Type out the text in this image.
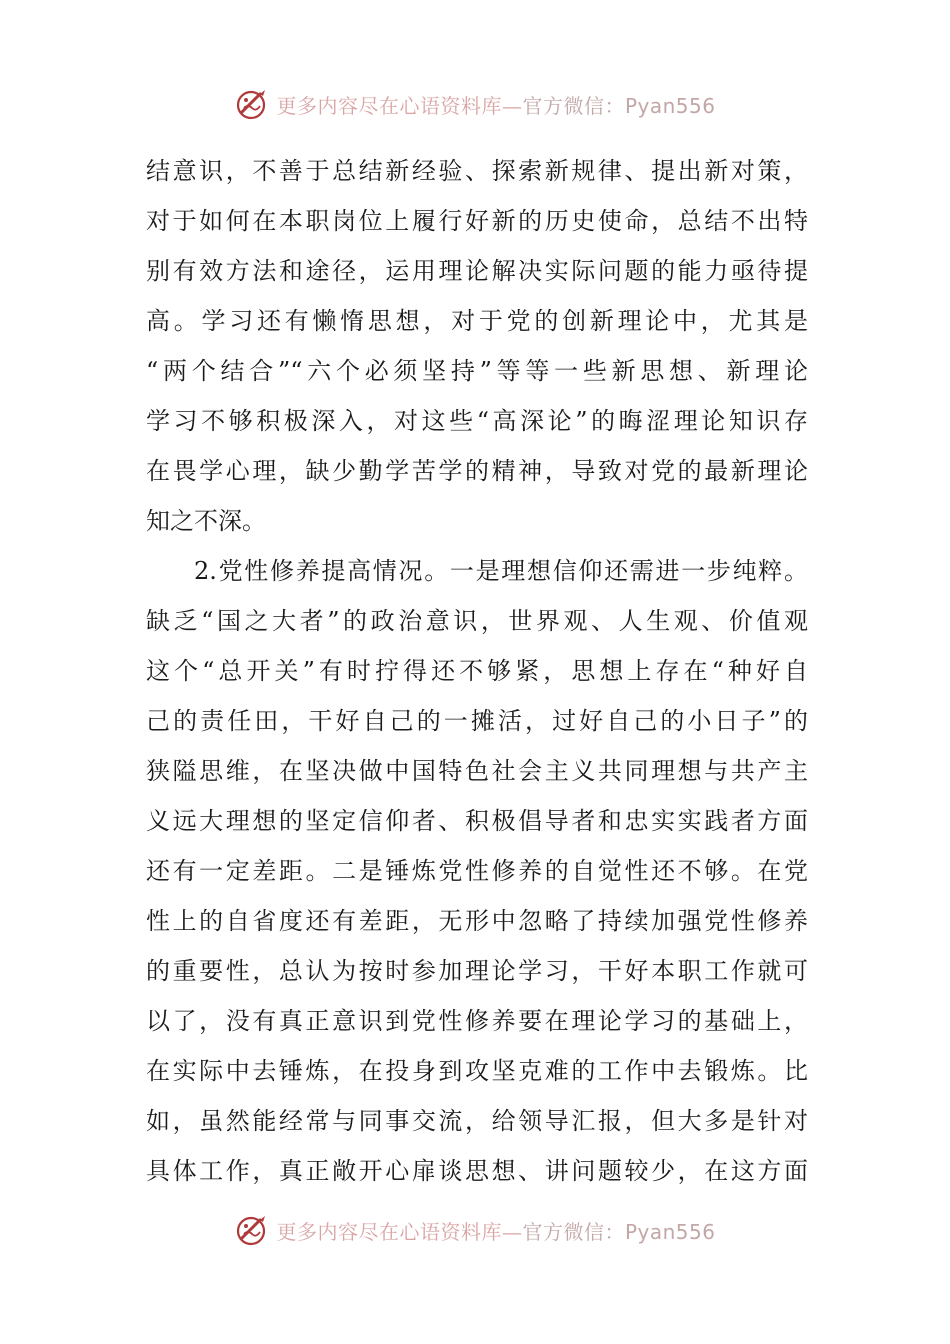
更多内容尽在心语资料库—官方微信：Pyan556
结意识，不善于总结新经验、探索新规律、提出新对策，
对于如何在本职岗位上履行好新的历史使命，总结不出特
别有效方法和途径，运用理论解决实际问题的能力亟待提
高。学习还有懒惰思想，对于党的创新理论中，尤其是
“两个结合”“六个必须坚持”等等一些新思想、新理论
学习不够积极深入，对这些“高深论”的晦涩理论知识存
在畏学心理，缺少勤学苦学的精神，导致对党的最新理论
知之不深。
2.党性修养提高情况。一是理想信仰还需进一步纯粹。
缺乏“国之大者”的政治意识，世界观、人生观、价值观
这个“总开关”有时拧得还不够紧，思想上存在“种好自
己的责任田，干好自己的一摊活，过好自己的小日子”的
狭隘思维，在坚决做中国特色社会主义共同理想与共产主
义远大理想的坚定信仰者、积极倡导者和忠实实践者方面
还有一定差距。二是锤炼党性修养的自觉性还不够。在党
性上的自省度还有差距，无形中忽略了持续加强党性修养
的重要性，总认为按时参加理论学习，干好本职工作就可
以了，没有真正意识到党性修养要在理论学习的基础上，
在实际中去锤炼，在投身到攻坚克难的工作中去锻炼。比
如，虽然能经常与同事交流，给领导汇报，但大多是针对
具体工作，真正敞开心扉谈思想、讲问题较少，在这方面
更多内容尽在心语资料库—官方微信：Pyan556
